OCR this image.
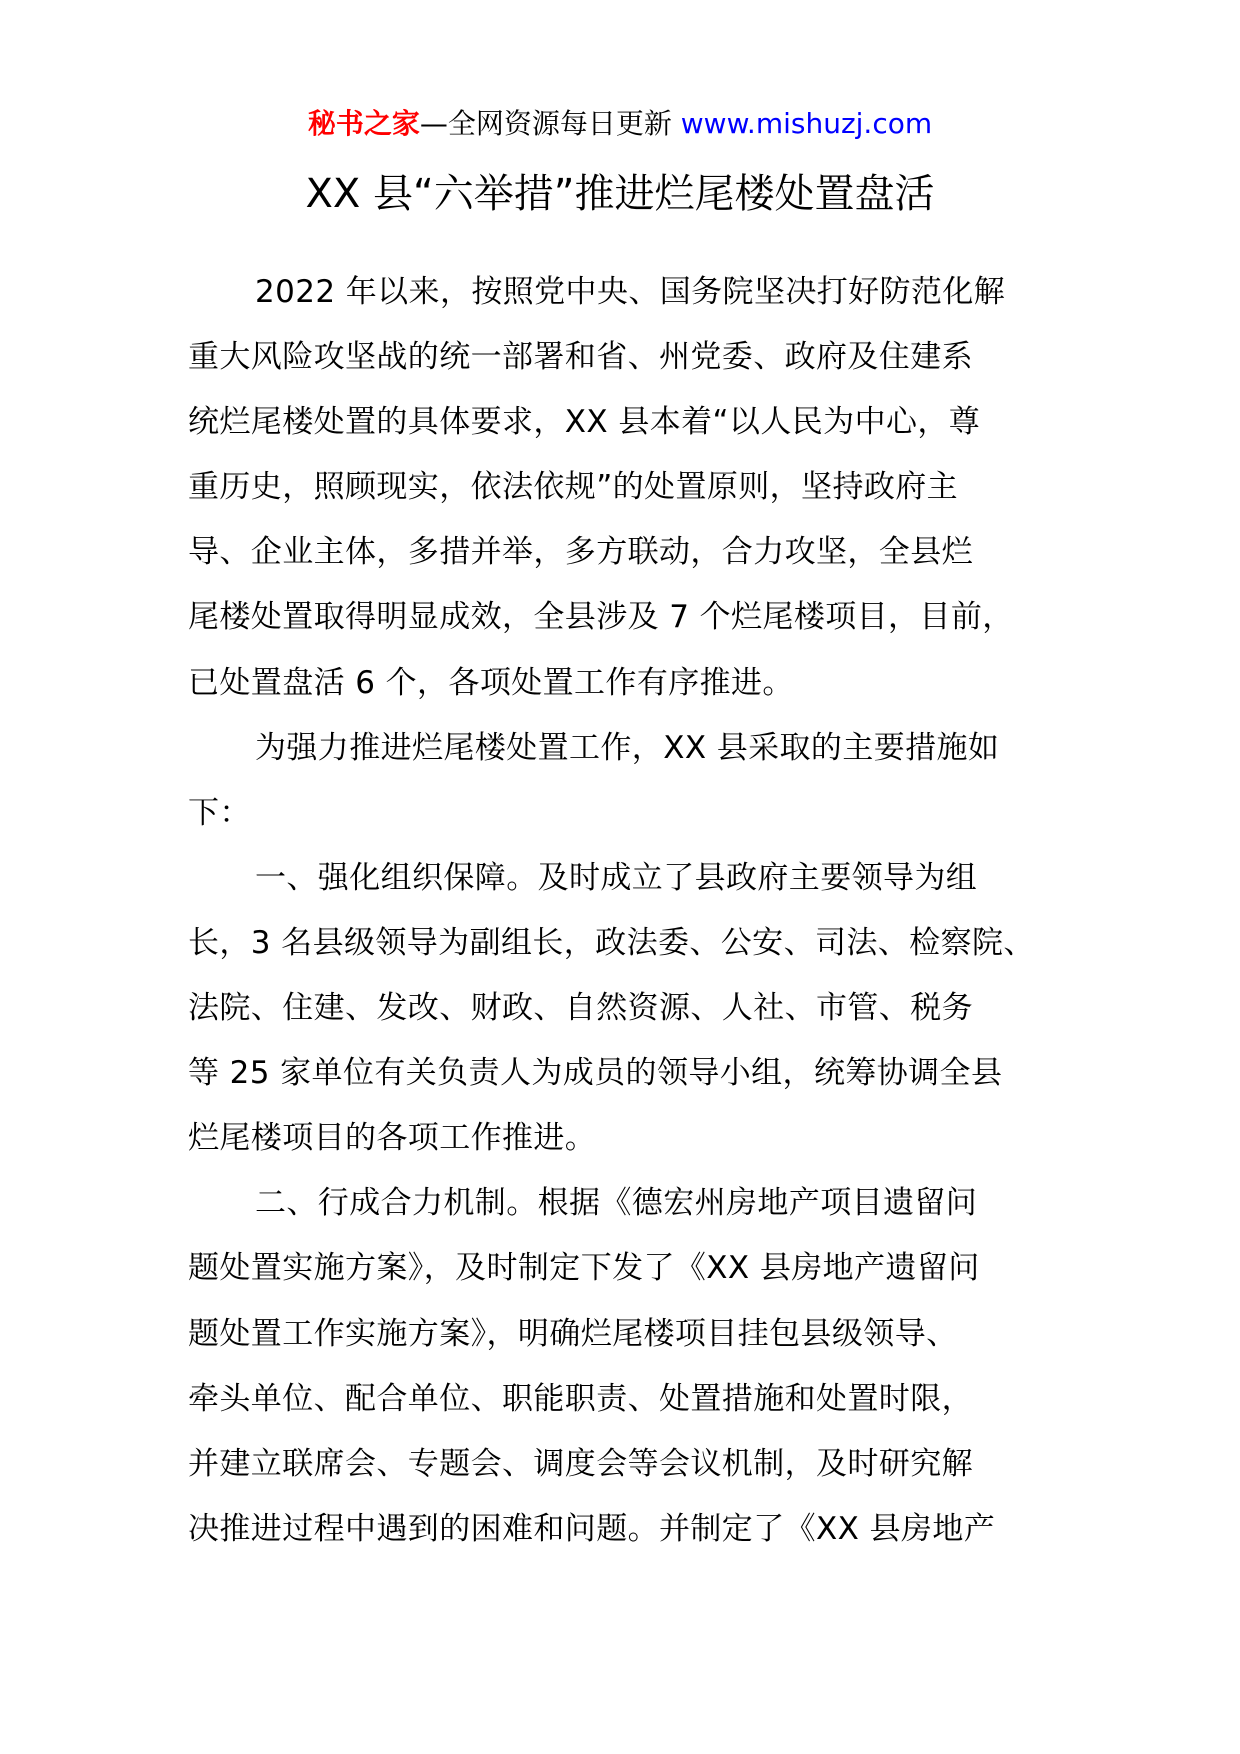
秘书之家—全网资源每日更新 www.mishuzj.com
XX 县“六举措”推进烂尾楼处置盘活
2022 年以来，按照党中央、国务院坚决打好防范化解
重大风险攻坚战的统一部署和省、州党委、政府及住建系
统烂尾楼处置的具体要求，XX 县本着“以人民为中心，尊
重历史，照顾现实，依法依规”的处置原则，坚持政府主
导、企业主体，多措并举，多方联动，合力攻坚，全县烂
尾楼处置取得明显成效，全县涉及 7 个烂尾楼项目，目前，
已处置盘活 6 个，各项处置工作有序推进。
为强力推进烂尾楼处置工作，XX 县采取的主要措施如
下：
一、强化组织保障。及时成立了县政府主要领导为组
长，3 名县级领导为副组长，政法委、公安、司法、检察院、
法院、住建、发改、财政、自然资源、人社、市管、税务
等 25 家单位有关负责人为成员的领导小组，统筹协调全县
烂尾楼项目的各项工作推进。
二、行成合力机制。根据《德宏州房地产项目遗留问
题处置实施方案》，及时制定下发了《XX 县房地产遗留问
题处置工作实施方案》，明确烂尾楼项目挂包县级领导、
牵头单位、配合单位、职能职责、处置措施和处置时限，
并建立联席会、专题会、调度会等会议机制，及时研究解
决推进过程中遇到的困难和问题。并制定了《XX 县房地产
